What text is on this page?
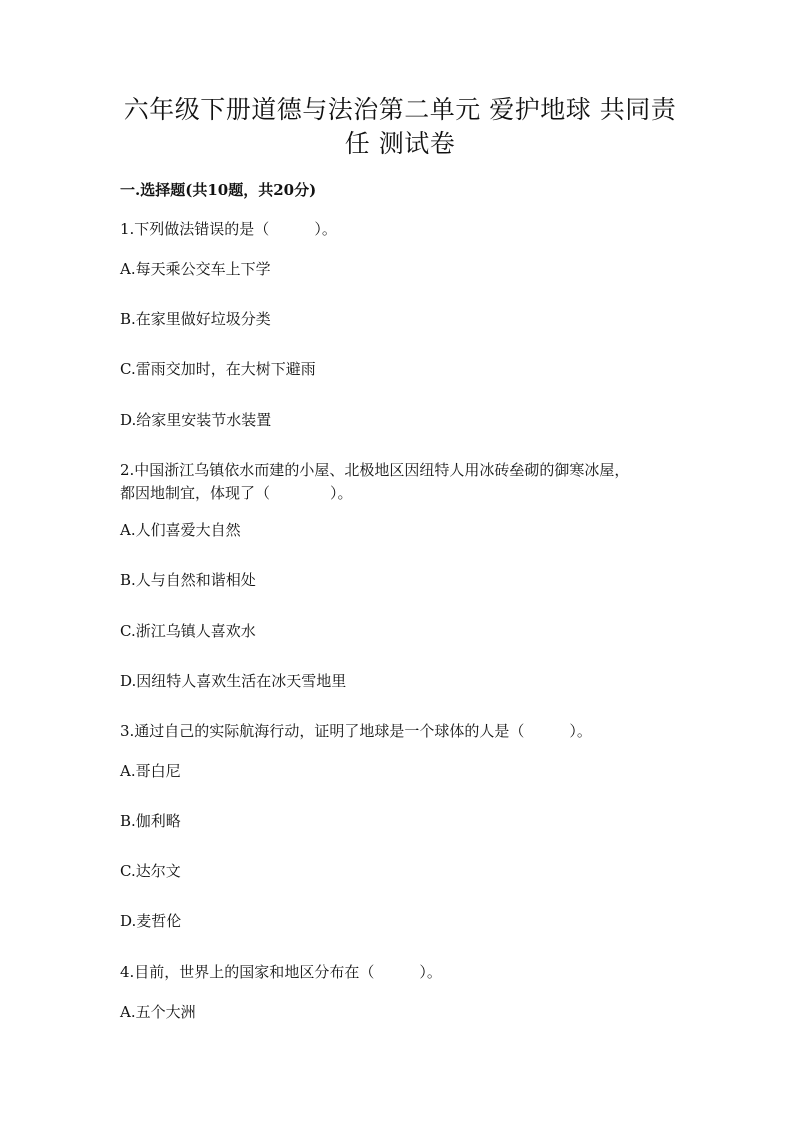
六年级下册道德与法治第二单元 爱护地球 共同责
任 测试卷
一.选择题(共10题，共20分)
1.下列做法错误的是（　　　）。
A.每天乘公交车上下学
B.在家里做好垃圾分类
C.雷雨交加时，在大树下避雨
D.给家里安装节水装置
2.中国浙江乌镇依水而建的小屋、北极地区因纽特人用冰砖垒砌的御寒冰屋，
都因地制宜，体现了（　　　　）。
A.人们喜爱大自然
B.人与自然和谐相处
C.浙江乌镇人喜欢水
D.因纽特人喜欢生活在冰天雪地里
3.通过自己的实际航海行动，证明了地球是一个球体的人是（　　　）。
A.哥白尼
B.伽利略
C.达尔文
D.麦哲伦
4.目前，世界上的国家和地区分布在（　　　）。
A.五个大洲
